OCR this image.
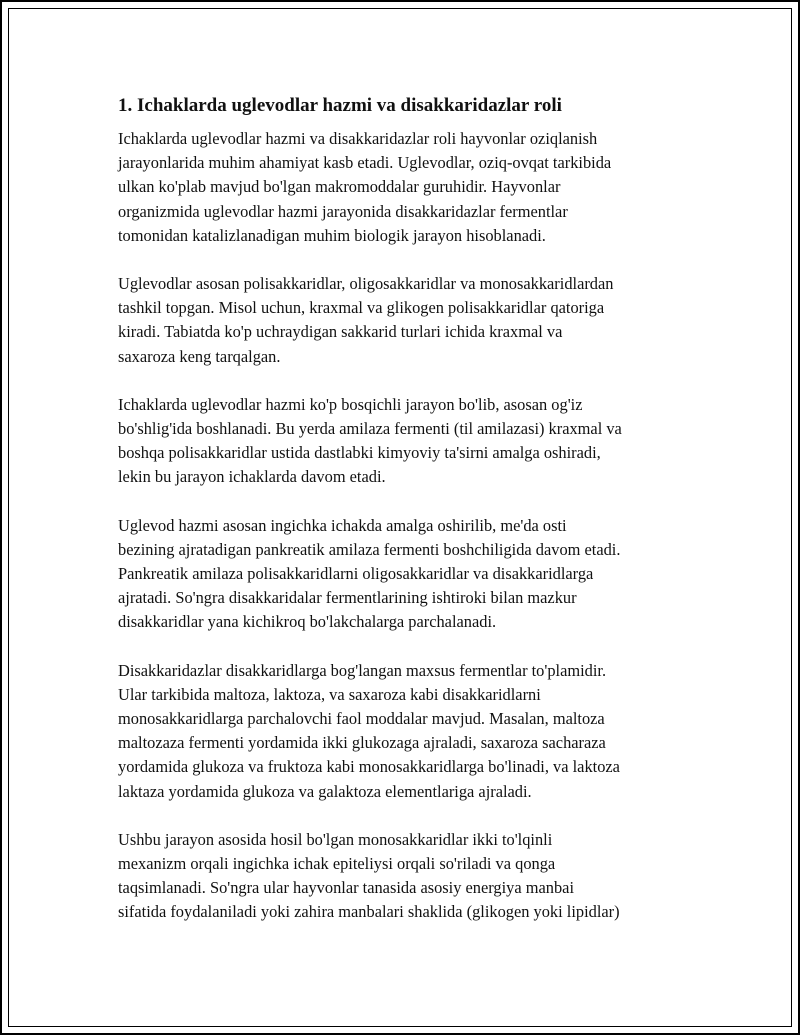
1. Ichaklarda uglevodlar hazmi va disakkaridazlar roli

Ichaklarda uglevodlar hazmi va disakkaridazlar roli hayvonlar oziqlanish
jarayonlarida muhim ahamiyat kasb etadi. Uglevodlar, oziq-ovqat tarkibida
ulkan ko'plab mavjud bo'lgan makromoddalar guruhidir. Hayvonlar
organizmida uglevodlar hazmi jarayonida disakkaridazlar fermentlar
tomonidan katalizlanadigan muhim biologik jarayon hisoblanadi.

Uglevodlar asosan polisakkaridlar, oligosakkaridlar va monosakkaridlardan
tashkil topgan. Misol uchun, kraxmal va glikogen polisakkaridlar qatoriga
kiradi. Tabiatda ko'p uchraydigan sakkarid turlari ichida kraxmal va
saxaroza keng tarqalgan.

Ichaklarda uglevodlar hazmi ko'p bosqichli jarayon bo'lib, asosan og'iz
bo'shlig'ida boshlanadi. Bu yerda amilaza fermenti (til amilazasi) kraxmal va
boshqa polisakkaridlar ustida dastlabki kimyoviy ta'sirni amalga oshiradi,
lekin bu jarayon ichaklarda davom etadi.

Uglevod hazmi asosan ingichka ichakda amalga oshirilib, me'da osti
bezining ajratadigan pankreatik amilaza fermenti boshchiligida davom etadi.
Pankreatik amilaza polisakkaridlarni oligosakkaridlar va disakkaridlarga
ajratadi. So'ngra disakkaridalar fermentlarining ishtiroki bilan mazkur
disakkaridlar yana kichikroq bo'lakchalarga parchalanadi.

Disakkaridazlar disakkaridlarga bog'langan maxsus fermentlar to'plamidir.
Ular tarkibida maltoza, laktoza, va saxaroza kabi disakkaridlarni
monosakkaridlarga parchalovchi faol moddalar mavjud. Masalan, maltoza
maltozaza fermenti yordamida ikki glukozaga ajraladi, saxaroza sacharaza
yordamida glukoza va fruktoza kabi monosakkaridlarga bo'linadi, va laktoza
laktaza yordamida glukoza va galaktoza elementlariga ajraladi.

Ushbu jarayon asosida hosil bo'lgan monosakkaridlar ikki to'lqinli
mexanizm orqali ingichka ichak epiteliysi orqali so'riladi va qonga
taqsimlanadi. So'ngra ular hayvonlar tanasida asosiy energiya manbai
sifatida foydalaniladi yoki zahira manbalari shaklida (glikogen yoki lipidlar)
